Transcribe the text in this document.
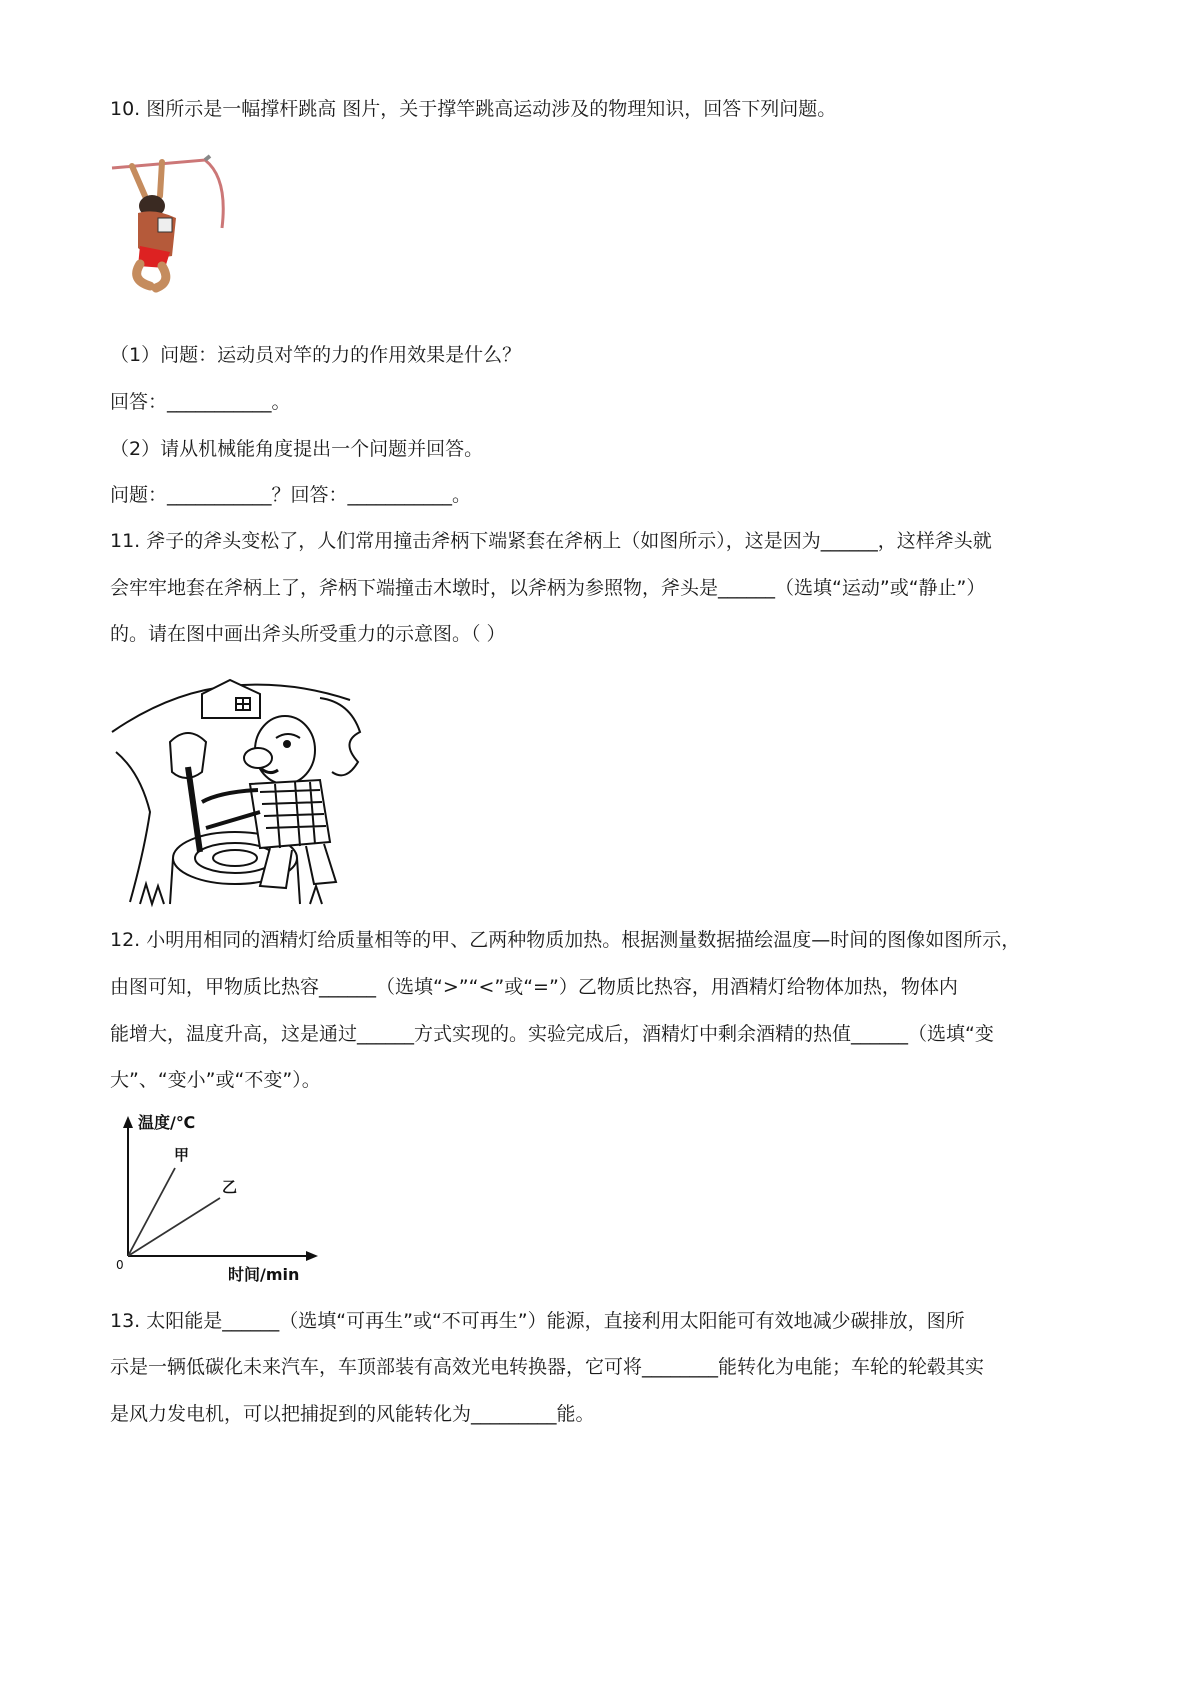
10. 图所示是一幅撑杆跳高 图片，关于撑竿跳高运动涉及的物理知识，回答下列问题。
（1）问题：运动员对竿的力的作用效果是什么？
回答：___________。
（2）请从机械能角度提出一个问题并回答。
问题：___________？回答：___________。
11. 斧子的斧头变松了，人们常用撞击斧柄下端紧套在斧柄上（如图所示），这是因为______，这样斧头就
会牢牢地套在斧柄上了，斧柄下端撞击木墩时，以斧柄为参照物，斧头是______（选填“运动”或“静止”）
的。请在图中画出斧头所受重力的示意图。（ ）
12. 小明用相同的酒精灯给质量相等的甲、乙两种物质加热。根据测量数据描绘温度—时间的图像如图所示，
由图可知，甲物质比热容______（选填“>”“<”或“=”）乙物质比热容，用酒精灯给物体加热，物体内
能增大，温度升高，这是通过______方式实现的。实验完成后，酒精灯中剩余酒精的热值______（选填“变
大”、“变小”或“不变”）。
温度/℃
甲
乙
0	时间/min
13. 太阳能是______（选填“可再生”或“不可再生”）能源，直接利用太阳能可有效地减少碳排放，图所
示是一辆低碳化未来汽车，车顶部装有高效光电转换器，它可将________能转化为电能；车轮的轮毂其实
是风力发电机，可以把捕捉到的风能转化为_________能。
